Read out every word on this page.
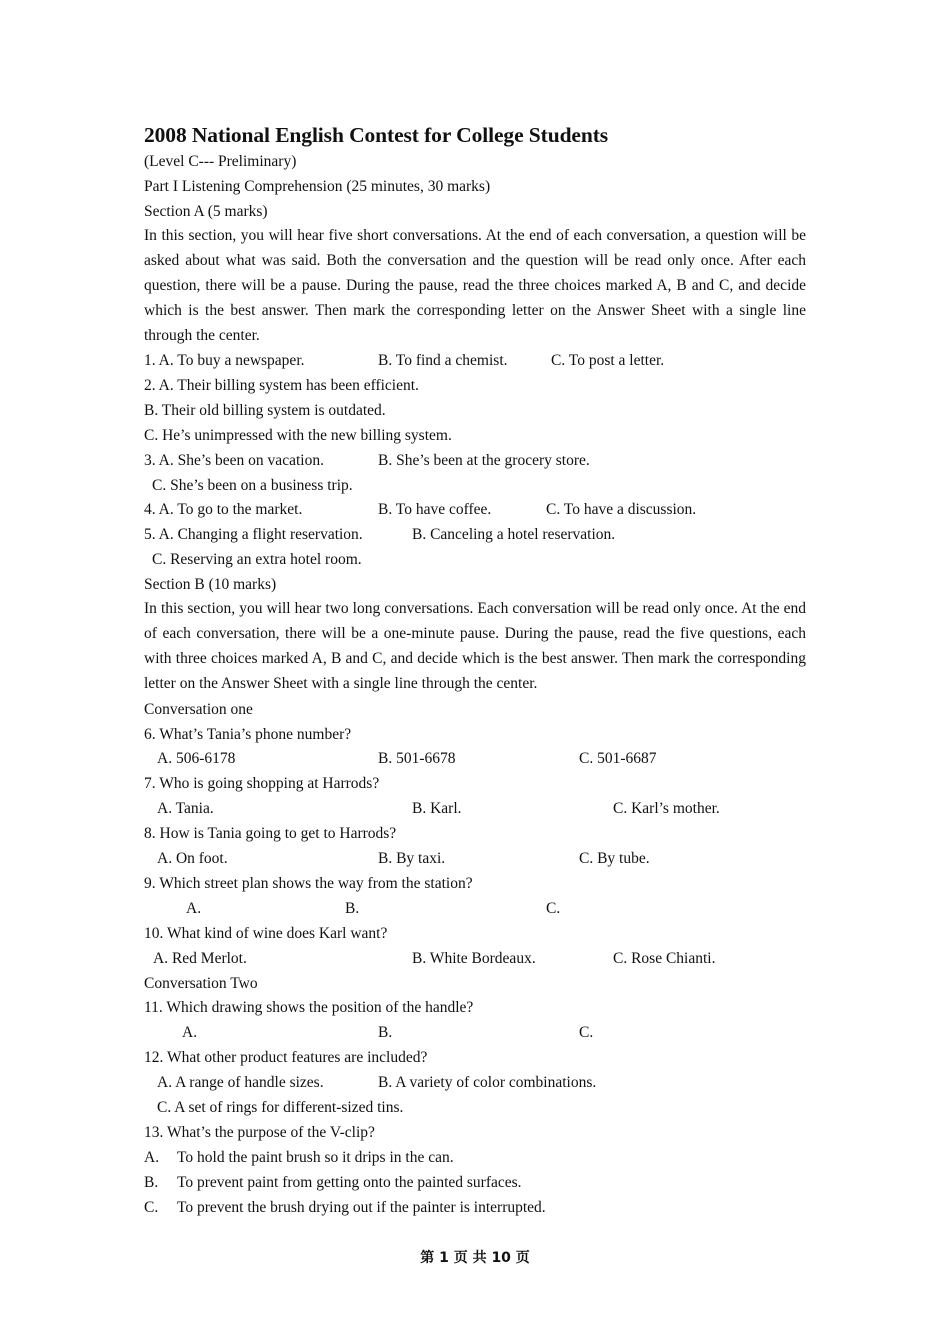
2008 National English Contest for College Students
(Level C--- Preliminary)
Part I Listening Comprehension (25 minutes, 30 marks)
Section A (5 marks)
In this section, you will hear five short conversations. At the end of each conversation, a question will be asked about what was said. Both the conversation and the question will be read only once. After each question, there will be a pause. During the pause, read the three choices marked A, B and C, and decide which is the best answer. Then mark the corresponding letter on the Answer Sheet with a single line through the center.
1. A. To buy a newspaper.	B. To find a chemist.	C. To post a letter.
2. A. Their billing system has been efficient.
B. Their old billing system is outdated.
C. He’s unimpressed with the new billing system.
3. A. She’s been on vacation.	B. She’s been at the grocery store.
C. She’s been on a business trip.
4. A. To go to the market.	B. To have coffee.	C. To have a discussion.
5. A. Changing a flight reservation.	B. Canceling a hotel reservation.
C. Reserving an extra hotel room.
Section B (10 marks)
In this section, you will hear two long conversations. Each conversation will be read only once. At the end of each conversation, there will be a one-minute pause. During the pause, read the five questions, each with three choices marked A, B and C, and decide which is the best answer. Then mark the corresponding letter on the Answer Sheet with a single line through the center.
Conversation one
6. What’s Tania’s phone number?
A. 506-6178	B. 501-6678	C. 501-6687
7. Who is going shopping at Harrods?
A. Tania.	B. Karl.	C. Karl’s mother.
8. How is Tania going to get to Harrods?
A. On foot.	B. By taxi.	C. By tube.
9. Which street plan shows the way from the station?
A.	B.	C.
10. What kind of wine does Karl want?
A. Red Merlot.	B. White Bordeaux.	C. Rose Chianti.
Conversation Two
11. Which drawing shows the position of the handle?
A.	B.	C.
12. What other product features are included?
A. A range of handle sizes.	B. A variety of color combinations.
C. A set of rings for different-sized tins.
13. What’s the purpose of the V-clip?
A. To hold the paint brush so it drips in the can.
B. To prevent paint from getting onto the painted surfaces.
C. To prevent the brush drying out if the painter is interrupted.
第 1 页 共 10 页
